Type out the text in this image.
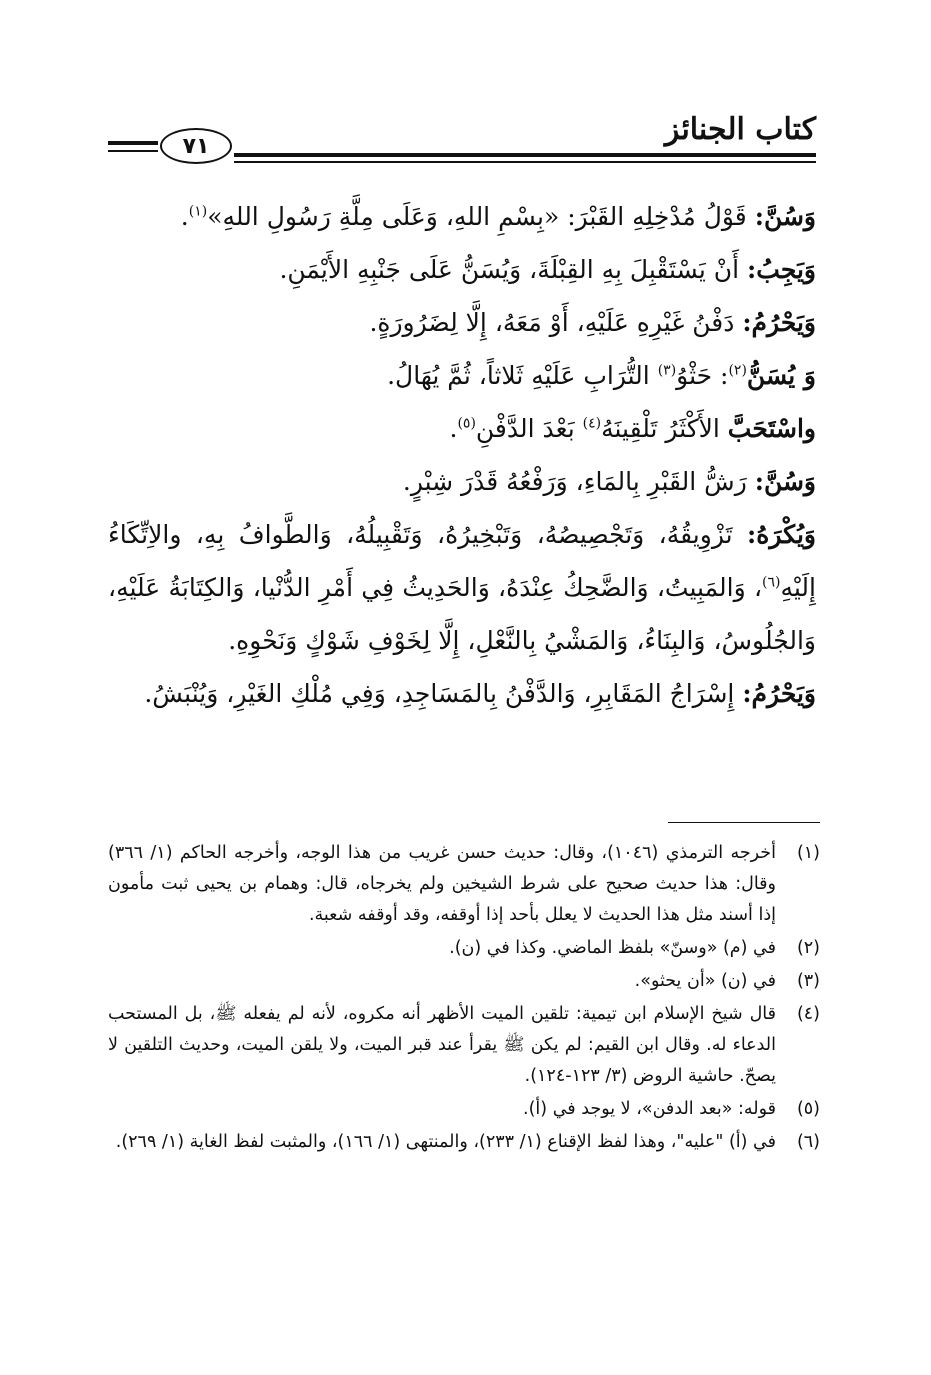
كتاب الجنائز
٧١

وَسُنَّ: قَوْلُ مُدْخِلِهِ القَبْرَ: «بِسْمِ اللهِ، وَعَلَى مِلَّةِ رَسُولِ اللهِ»$^{(١)}$.

وَيَجِبُ: أَنْ يَسْتَقْبِلَ بِهِ القِبْلَةَ، وَيُسَنُّ عَلَى جَنْبِهِ الأَيْمَنِ.

وَيَحْرُمُ: دَفْنُ غَيْرِهِ عَلَيْهِ، أَوْ مَعَهُ، إِلَّا لِضَرُورَةٍ.

وَ يُسَنُّ$^{(٢)}$: حَثْوُ$^{(٣)}$ التُّرَابِ عَلَيْهِ ثَلاثاً، ثُمَّ يُهَالُ.

واسْتَحَبَّ الأَكْثَرُ تَلْقِينَهُ$^{(٤)}$ بَعْدَ الدَّفْنِ$^{(٥)}$.

وَسُنَّ: رَشُّ القَبْرِ بِالمَاءِ، وَرَفْعُهُ قَدْرَ شِبْرٍ.

وَيُكْرَهُ: تَزْوِيقُهُ، وَتَجْصِيصُهُ، وَتَبْخِيرُهُ، وَتَقْبِيلُهُ، وَالطَّوافُ بِهِ، والاِتِّكَاءُ إِلَيْهِ$^{(٦)}$، وَالمَبِيتُ، وَالضَّحِكُ عِنْدَهُ، وَالحَدِيثُ فِي أَمْرِ الدُّنْيا، وَالكِتَابَةُ عَلَيْهِ، وَالجُلُوسُ، وَالبِنَاءُ، وَالمَشْيُ بِالنَّعْلِ، إِلَّا لِخَوْفِ شَوْكٍ وَنَحْوِهِ.

وَيَحْرُمُ: إِسْرَاجُ المَقَابِرِ، وَالدَّفْنُ بِالمَسَاجِدِ، وَفِي مُلْكِ الغَيْرِ، وَيُنْبَشُ.

(١)
أخرجه الترمذي (١٠٤٦)، وقال: حديث حسن غريب من هذا الوجه، وأخرجه الحاكم (١/ ٣٦٦) وقال: هذا حديث صحيح على شرط الشيخين ولم يخرجاه، قال: وهمام بن يحيى ثبت مأمون إذا أسند مثل هذا الحديث لا يعلل بأحد إذا أوقفه، وقد أوقفه شعبة.
(٢)
في (م) «وسنّ» بلفظ الماضي. وكذا في (ن).
(٣)
في (ن) «أن يحثو».
(٤)
قال شيخ الإسلام ابن تيمية: تلقين الميت الأظهر أنه مكروه، لأنه لم يفعله ﷺ، بل المستحب الدعاء له. وقال ابن القيم: لم يكن ﷺ يقرأ عند قبر الميت، ولا يلقن الميت، وحديث التلقين لا يصحّ. حاشية الروض (٣/ ١٢٣-١٢٤).
(٥)
قوله: «بعد الدفن»، لا يوجد في (أ).
(٦)
في (أ) "عليه"، وهذا لفظ الإقناع (١/ ٢٣٣)، والمنتهى (١/ ١٦٦)، والمثبت لفظ الغاية (١/ ٢٦٩).
